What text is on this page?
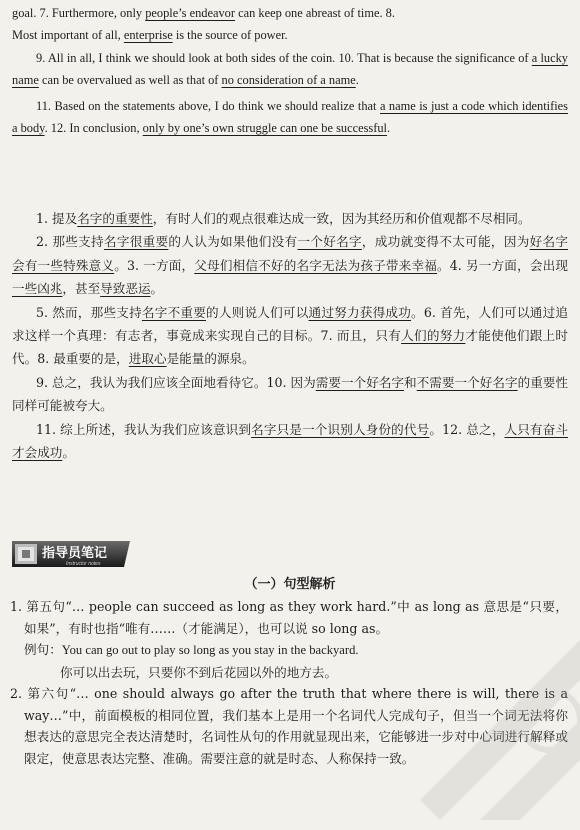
goal. 7. Furthermore, only people’s endeavor can keep one abreast of time. 8.
Most important of all, enterprise is the source of power.

9. All in all, I think we should look at both sides of the coin. 10. That is because the significance of a lucky name can be overvalued as well as that of no consideration of a name.

11. Based on the statements above, I do think we should realize that a name is just a code which identifies a body. 12. In conclusion, only by one’s own struggle can one be successful.

1. 提及名字的重要性，有时人们的观点很难达成一致，因为其经历和价值观都不尽相同。

2. 那些支持名字很重要的人认为如果他们没有一个好名字，成功就变得不太可能，因为好名字会有一些特殊意义。3. 一方面，父母们相信不好的名字无法为孩子带来幸福。4. 另一方面，会出现一些凶兆，甚至导致恶运。

5. 然而，那些支持名字不重要的人则说人们可以通过努力获得成功。6. 首先，人们可以通过追求这样一个真理：有志者，事竟成来实现自己的目标。7. 而且，只有人们的努力才能使他们跟上时代。8. 最重要的是，进取心是能量的源泉。

9. 总之，我认为我们应该全面地看待它。10. 因为需要一个好名字和不需要一个好名字的重要性同样可能被夸大。

11. 综上所述，我认为我们应该意识到名字只是一个识别人身份的代号。12. 总之，人只有奋斗才会成功。

指导员笔记
Instructor notes
（一）句型解析

1. 第五句“… people can succeed as long as they work hard.”中 as long as 意思是“只要，如果”，有时也指“唯有……（才能满足），也可以说 so long as。

例句：You can go out to play so long as you stay in the backyard.

你可以出去玩，只要你不到后花园以外的地方去。

2. 第六句“… one should always go after the truth that where there is will, there is a way…”中，前面模板的相同位置，我们基本上是用一个名词代人完成句子，但当一个词无法将你想表达的意思完全表达清楚时，名词性从句的作用就显现出来，它能够进一步对中心词进行解释或限定，使意思表达完整、准确。需要注意的就是时态、人称保持一致。
